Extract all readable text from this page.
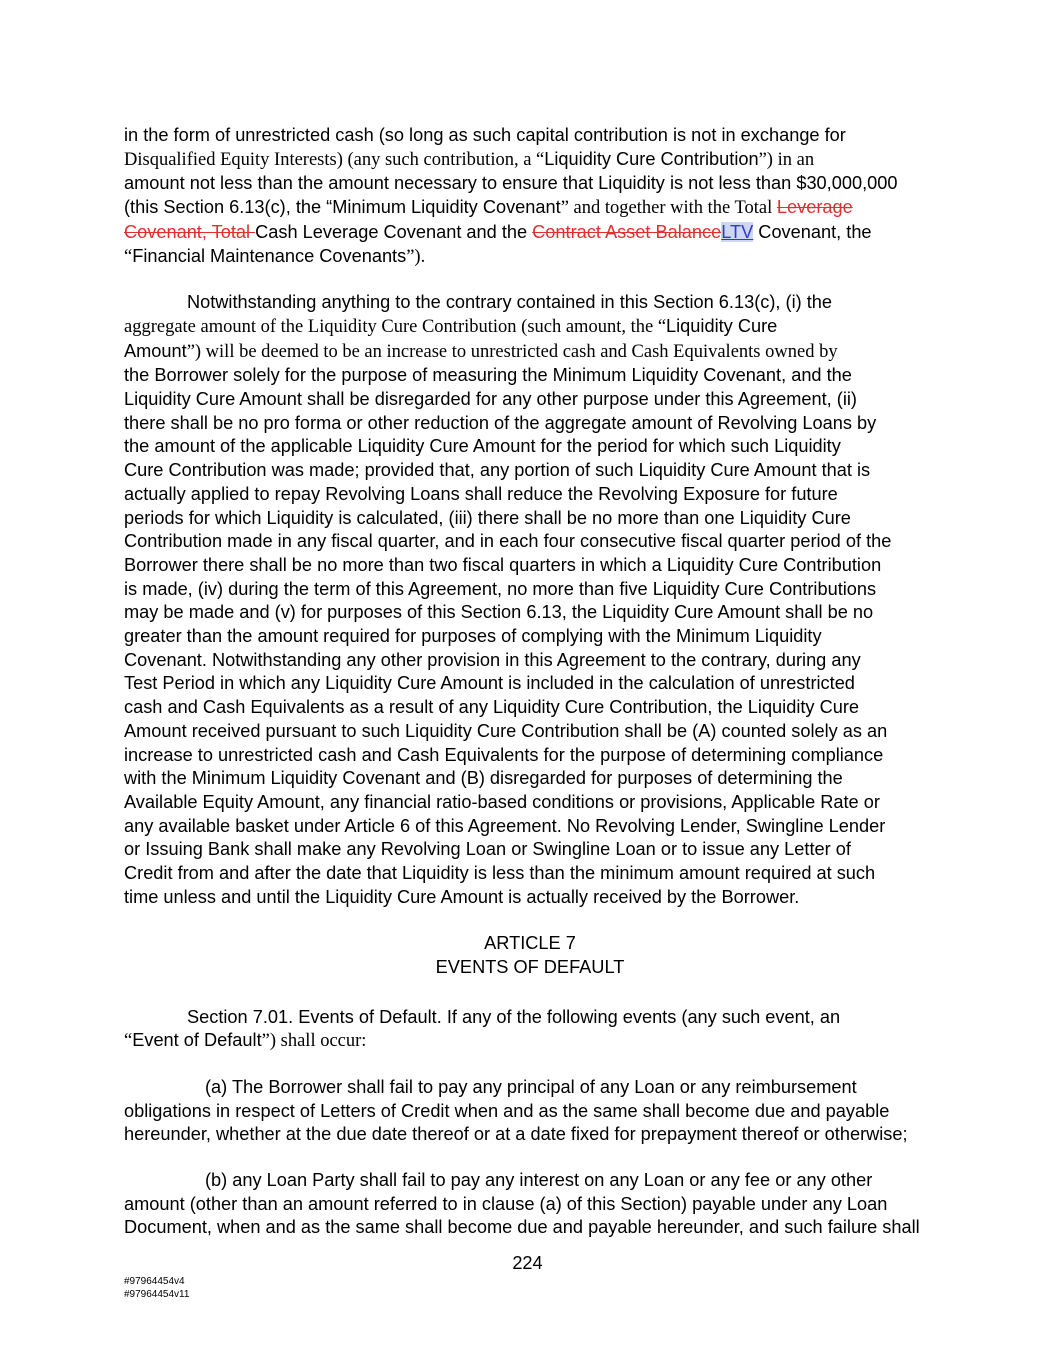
in the form of unrestricted cash (so long as such capital contribution is not in exchange for

Disqualified Equity Interests) (any such contribution, a “Liquidity Cure Contribution”) in an

amount not less than the amount necessary to ensure that Liquidity is not less than $30,000,000

(this Section 6.13(c), the “Minimum Liquidity Covenant” and together with the Total Leverage Covenant, Total Cash Leverage Covenant and the Contract Asset BalanceLTV Covenant, the

“Financial Maintenance Covenants”).

Notwithstanding anything to the contrary contained in this Section 6.13(c), (i) the

aggregate amount of the Liquidity Cure Contribution (such amount, the “Liquidity Cure

Amount”) will be deemed to be an increase to unrestricted cash and Cash Equivalents owned by

the Borrower solely for the purpose of measuring the Minimum Liquidity Covenant, and the

Liquidity Cure Amount shall be disregarded for any other purpose under this Agreement, (ii)

there shall be no pro forma or other reduction of the aggregate amount of Revolving Loans by

the amount of the applicable Liquidity Cure Amount for the period for which such Liquidity

Cure Contribution was made; provided that, any portion of such Liquidity Cure Amount that is

actually applied to repay Revolving Loans shall reduce the Revolving Exposure for future

periods for which Liquidity is calculated, (iii) there shall be no more than one Liquidity Cure

Contribution made in any fiscal quarter, and in each four consecutive fiscal quarter period of the

Borrower there shall be no more than two fiscal quarters in which a Liquidity Cure Contribution

is made, (iv) during the term of this Agreement, no more than five Liquidity Cure Contributions

may be made and (v) for purposes of this Section 6.13, the Liquidity Cure Amount shall be no

greater than the amount required for purposes of complying with the Minimum Liquidity

Covenant. Notwithstanding any other provision in this Agreement to the contrary, during any

Test Period in which any Liquidity Cure Amount is included in the calculation of unrestricted

cash and Cash Equivalents as a result of any Liquidity Cure Contribution, the Liquidity Cure

Amount received pursuant to such Liquidity Cure Contribution shall be (A) counted solely as an

increase to unrestricted cash and Cash Equivalents for the purpose of determining compliance

with the Minimum Liquidity Covenant and (B) disregarded for purposes of determining the

Available Equity Amount, any financial ratio-based conditions or provisions, Applicable Rate or

any available basket under Article 6 of this Agreement. No Revolving Lender, Swingline Lender

or Issuing Bank shall make any Revolving Loan or Swingline Loan or to issue any Letter of

Credit from and after the date that Liquidity is less than the minimum amount required at such

time unless and until the Liquidity Cure Amount is actually received by the Borrower.

ARTICLE 7

EVENTS OF DEFAULT

Section 7.01. Events of Default. If any of the following events (any such event, an

“Event of Default”) shall occur:

(a) The Borrower shall fail to pay any principal of any Loan or any reimbursement

obligations in respect of Letters of Credit when and as the same shall become due and payable

hereunder, whether at the due date thereof or at a date fixed for prepayment thereof or otherwise;

(b) any Loan Party shall fail to pay any interest on any Loan or any fee or any other

amount (other than an amount referred to in clause (a) of this Section) payable under any Loan

Document, when and as the same shall become due and payable hereunder, and such failure shall

224
#97964454v4
#97964454v11
